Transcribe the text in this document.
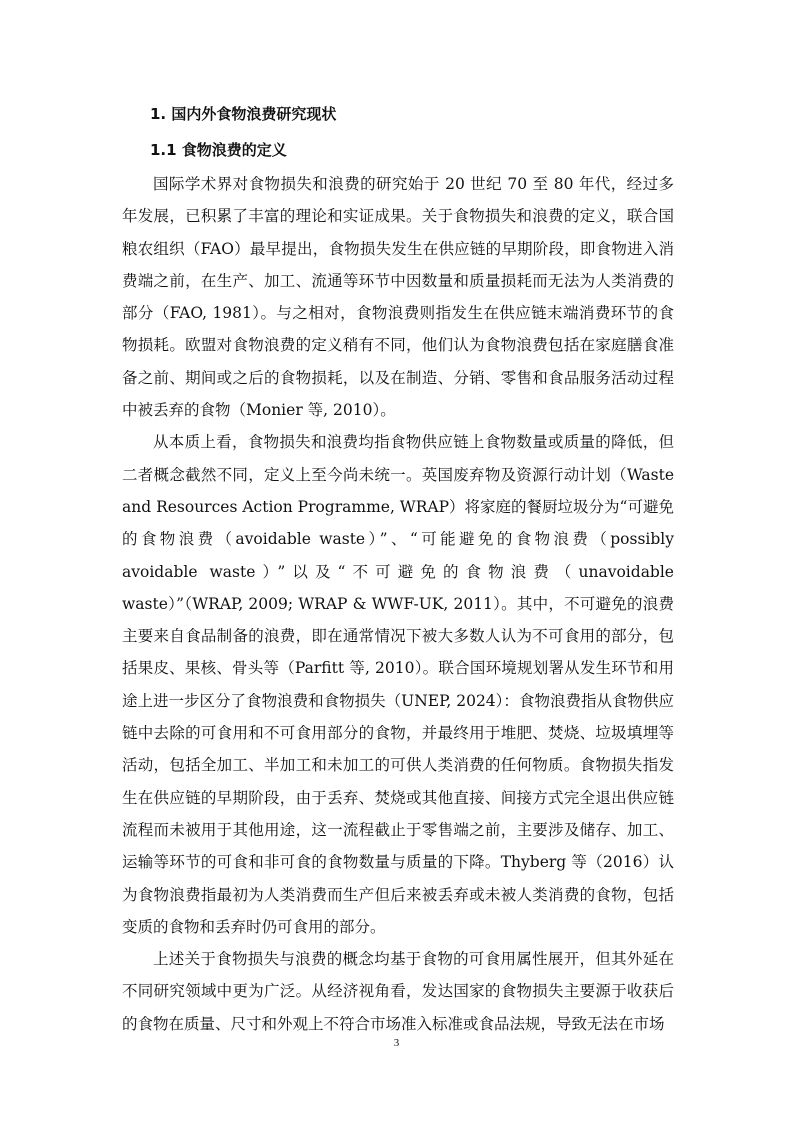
1. 国内外食物浪费研究现状
1.1 食物浪费的定义

国际学术界对食物损失和浪费的研究始于 20 世纪 70 至 80 年代，经过多年发展，已积累了丰富的理论和实证成果。关于食物损失和浪费的定义，联合国粮农组织（FAO）最早提出，食物损失发生在供应链的早期阶段，即食物进入消费端之前，在生产、加工、流通等环节中因数量和质量损耗而无法为人类消费的部分（FAO, 1981）。与之相对，食物浪费则指发生在供应链末端消费环节的食物损耗。欧盟对食物浪费的定义稍有不同，他们认为食物浪费包括在家庭膳食准备之前、期间或之后的食物损耗，以及在制造、分销、零售和食品服务活动过程中被丢弃的食物（Monier 等, 2010）。

从本质上看，食物损失和浪费均指食物供应链上食物数量或质量的降低，但二者概念截然不同，定义上至今尚未统一。英国废弃物及资源行动计划（Waste and Resources Action Programme, WRAP）将家庭的餐厨垃圾分为“可避免的食物浪费（avoidable waste）”、“可能避免的食物浪费（possibly avoidable waste）”以及“不可避免的食物浪费（unavoidable waste）”（WRAP, 2009; WRAP & WWF-UK, 2011）。其中，不可避免的浪费主要来自食品制备的浪费，即在通常情况下被大多数人认为不可食用的部分，包括果皮、果核、骨头等（Parfitt 等, 2010）。联合国环境规划署从发生环节和用途上进一步区分了食物浪费和食物损失（UNEP, 2024）：食物浪费指从食物供应链中去除的可食用和不可食用部分的食物，并最终用于堆肥、焚烧、垃圾填埋等活动，包括全加工、半加工和未加工的可供人类消费的任何物质。食物损失指发生在供应链的早期阶段，由于丢弃、焚烧或其他直接、间接方式完全退出供应链流程而未被用于其他用途，这一流程截止于零售端之前，主要涉及储存、加工、运输等环节的可食和非可食的食物数量与质量的下降。Thyberg 等（2016）认为食物浪费指最初为人类消费而生产但后来被丢弃或未被人类消费的食物，包括变质的食物和丢弃时仍可食用的部分。

上述关于食物损失与浪费的概念均基于食物的可食用属性展开，但其外延在不同研究领域中更为广泛。从经济视角看，发达国家的食物损失主要源于收获后的食物在质量、尺寸和外观上不符合市场准入标准或食品法规，导致无法在市场

3
